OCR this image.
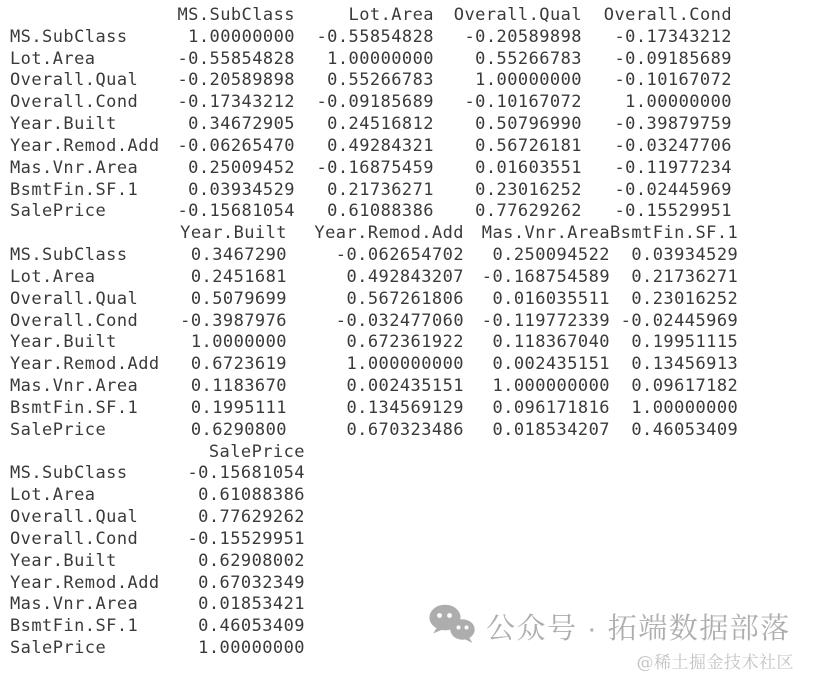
	MS.SubClass	Lot.Area	Overall.Qual	Overall.Cond
MS.SubClass	1.00000000	-0.55854828	-0.20589898	-0.17343212
Lot.Area	-0.55854828	1.00000000	0.55266783	-0.09185689
Overall.Qual	-0.20589898	0.55266783	1.00000000	-0.10167072
Overall.Cond	-0.17343212	-0.09185689	-0.10167072	1.00000000
Year.Built	0.34672905	0.24516812	0.50796990	-0.39879759
Year.Remod.Add	-0.06265470	0.49284321	0.56726181	-0.03247706
Mas.Vnr.Area	0.25009452	-0.16875459	0.01603551	-0.11977234
BsmtFin.SF.1	0.03934529	0.21736271	0.23016252	-0.02445969
SalePrice	-0.15681054	0.61088386	0.77629262	-0.15529951
	Year.Built	Year.Remod.Add	Mas.Vnr.Area	BsmtFin.SF.1
MS.SubClass	0.3467290	-0.062654702	0.250094522	0.03934529
Lot.Area	0.2451681	0.492843207	-0.168754589	0.21736271
Overall.Qual	0.5079699	0.567261806	0.016035511	0.23016252
Overall.Cond	-0.3987976	-0.032477060	-0.119772339	-0.02445969
Year.Built	1.0000000	0.672361922	0.118367040	0.19951115
Year.Remod.Add	0.6723619	1.000000000	0.002435151	0.13456913
Mas.Vnr.Area	0.1183670	0.002435151	1.000000000	0.09617182
BsmtFin.SF.1	0.1995111	0.134569129	0.096171816	1.00000000
SalePrice	0.6290800	0.670323486	0.018534207	0.46053409
	SalePrice
MS.SubClass	-0.15681054
Lot.Area	0.61088386
Overall.Qual	0.77629262
Overall.Cond	-0.15529951
Year.Built	0.62908002
Year.Remod.Add	0.67032349
Mas.Vnr.Area	0.01853421
BsmtFin.SF.1	0.46053409
SalePrice	1.00000000
公众号 · 拓端数据部落
@稀土掘金技术社区
